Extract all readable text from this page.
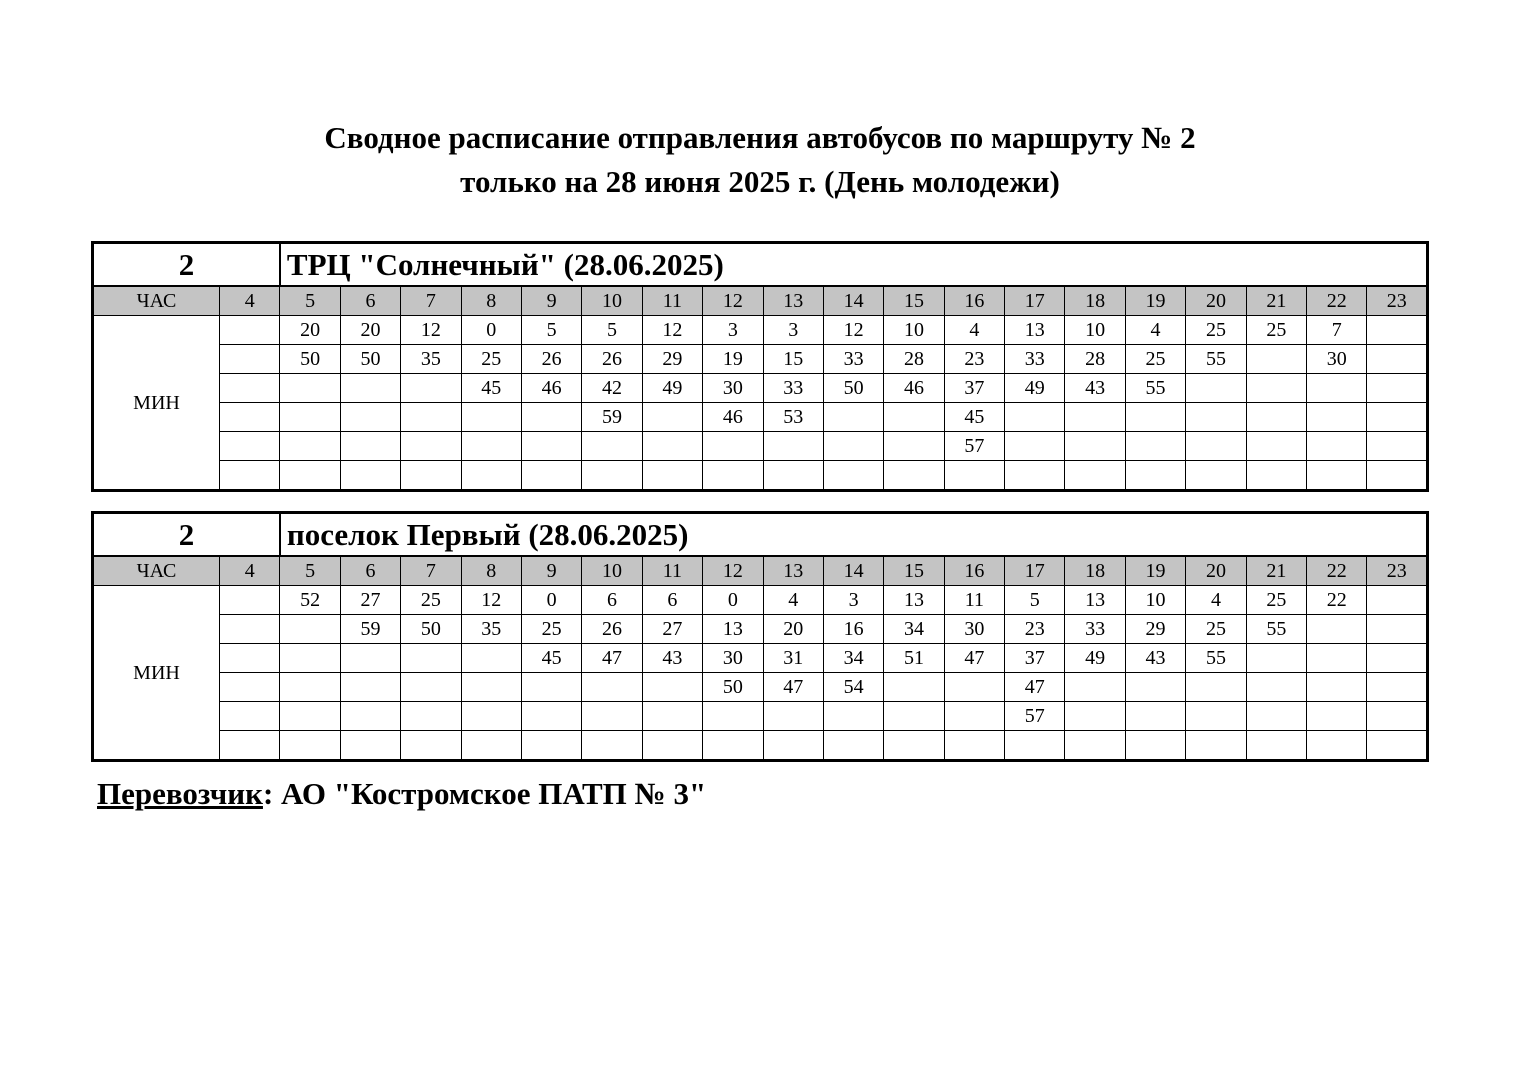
Сводное расписание отправления автобусов по маршруту № 2
только на 28 июня 2025 г. (День молодежи)
2		ТРЦ "Солнечный" (28.06.2025)																		
ЧАС	4	5	6	7	8	9	10	11	12	13	14	15	16	17	18	19	20	21	22	23
МИН		20	20	12	0	5	5	12	3	3	12	10	4	13	10	4	25	25	7	
		50	50	35	25	26	26	29	19	15	33	28	23	33	28	25	55		30	
					45	46	42	49	30	33	50	46	37	49	43	55				
							59		46	53			45							
													57							

2		поселок Первый (28.06.2025)																		
ЧАС	4	5	6	7	8	9	10	11	12	13	14	15	16	17	18	19	20	21	22	23
МИН		52	27	25	12	0	6	6	0	4	3	13	11	5	13	10	4	25	22	
			59	50	35	25	26	27	13	20	16	34	30	23	33	29	25	55		
						45	47	43	30	31	34	51	47	37	49	43	55			
									50	47	54			47						
														57						

Перевозчик: АО "Костромское ПАТП № 3"
